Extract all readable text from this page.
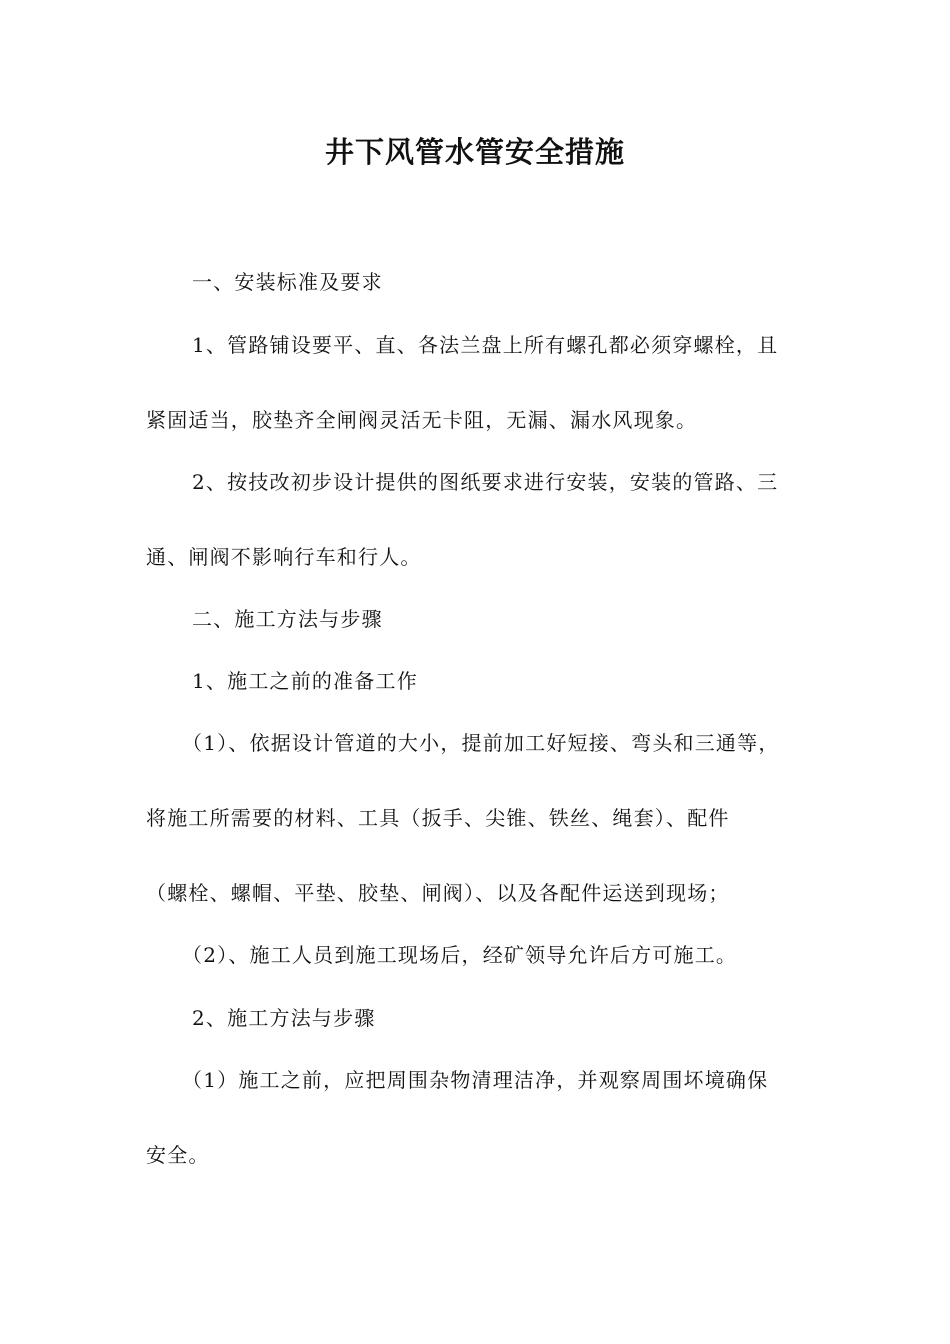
井下风管水管安全措施
一、安装标准及要求
1、管路铺设要平、直、各法兰盘上所有螺孔都必须穿螺栓，且
紧固适当，胶垫齐全闸阀灵活无卡阻，无漏、漏水风现象。
2、按技改初步设计提供的图纸要求进行安装，安装的管路、三
通、闸阀不影响行车和行人。
二、施工方法与步骤
1、施工之前的准备工作
（1）、依据设计管道的大小，提前加工好短接、弯头和三通等，
将施工所需要的材料、工具（扳手、尖锥、铁丝、绳套）、配件
（螺栓、螺帽、平垫、胶垫、闸阀）、以及各配件运送到现场；
（2）、施工人员到施工现场后，经矿领导允许后方可施工。
2、施工方法与步骤
（1）施工之前，应把周围杂物清理洁净，并观察周围坏境确保
安全。
